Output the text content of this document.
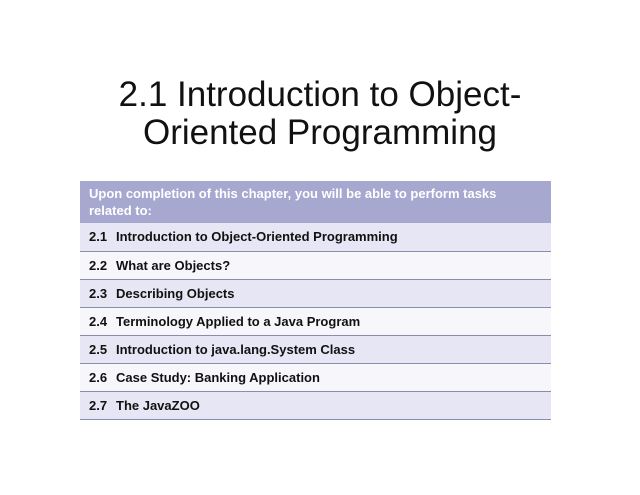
2.1 Introduction to Object-
Oriented Programming
Upon completion of this chapter, you will be able to perform tasks related to:

2.1 Introduction to Object-Oriented Programming
2.2 What are Objects?
2.3 Describing Objects
2.4 Terminology Applied to a Java Program
2.5 Introduction to java.lang.System Class
2.6 Case Study: Banking Application
2.7 The JavaZOO
